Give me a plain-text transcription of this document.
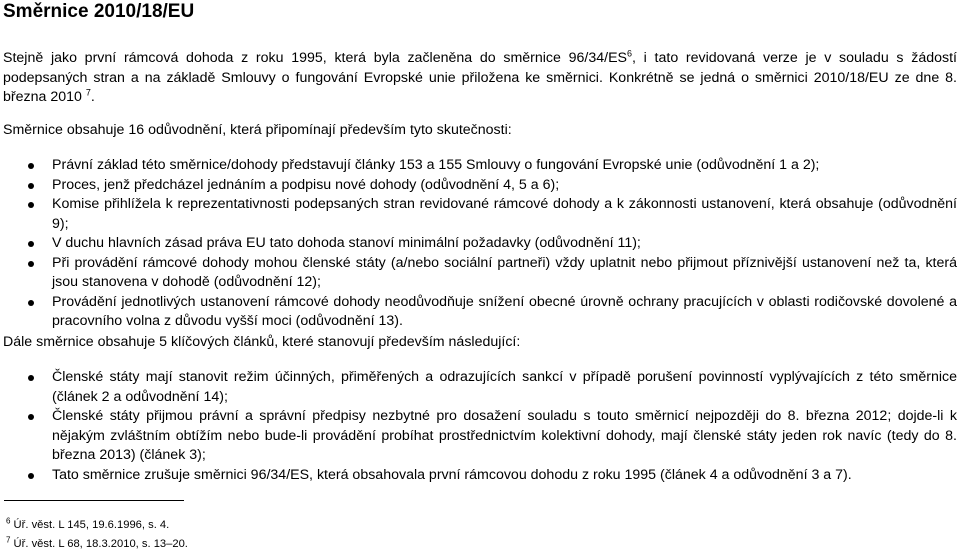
Směrnice 2010/18/EU

Stejně jako první rámcová dohoda z roku 1995, která byla začleněna do směrnice $96/34/ES^6$, i tato revidovaná verze je v souladu s žádostí podepsaných stran a na základě Smlouvy o fungování Evropské unie přiložena ke směrnici. Konkrétně se jedná o směrnici 2010/18/EU ze dne 8. března 2010 $^7$.

Směrnice obsahuje 16 odůvodnění, která připomínají především tyto skutečnosti:

Právní základ této směrnice/dohody představují články 153 a 155 Smlouvy o fungování Evropské unie (odůvodnění 1 a 2);
Proces, jenž předcházel jednáním a podpisu nové dohody (odůvodnění 4, 5 a 6);
Komise přihlížela k reprezentativnosti podepsaných stran revidované rámcové dohody a k zákonnosti ustanovení, která obsahuje (odůvodnění 9);
V duchu hlavních zásad práva EU tato dohoda stanoví minimální požadavky (odůvodnění 11);
Při provádění rámcové dohody mohou členské státy (a/nebo sociální partneři) vždy uplatnit nebo přijmout příznivější ustanovení než ta, která jsou stanovena v dohodě (odůvodnění 12);
Provádění jednotlivých ustanovení rámcové dohody neodůvodňuje snížení obecné úrovně ochrany pracujících v oblasti rodičovské dovolené a pracovního volna z důvodu vyšší moci (odůvodnění 13).

Dále směrnice obsahuje 5 klíčových článků, které stanovují především následující:

Členské státy mají stanovit režim účinných, přiměřených a odrazujících sankcí v případě porušení povinností vyplývajících z této směrnice (článek 2 a odůvodnění 14);
Členské státy přijmou právní a správní předpisy nezbytné pro dosažení souladu s touto směrnicí nejpozději do 8. března 2012; dojde-li k nějakým zvláštním obtížím nebo bude-li provádění probíhat prostřednictvím kolektivní dohody, mají členské státy jeden rok navíc (tedy do 8. března 2013) (článek 3);
Tato směrnice zrušuje směrnici 96/34/ES, která obsahovala první rámcovou dohodu z roku 1995 (článek 4 a odůvodnění 3 a 7).

$^6$ Úř. věst. L 145, 19.6.1996, s. 4.

$^7$ Úř. věst. L 68, 18.3.2010, s. 13–20.
